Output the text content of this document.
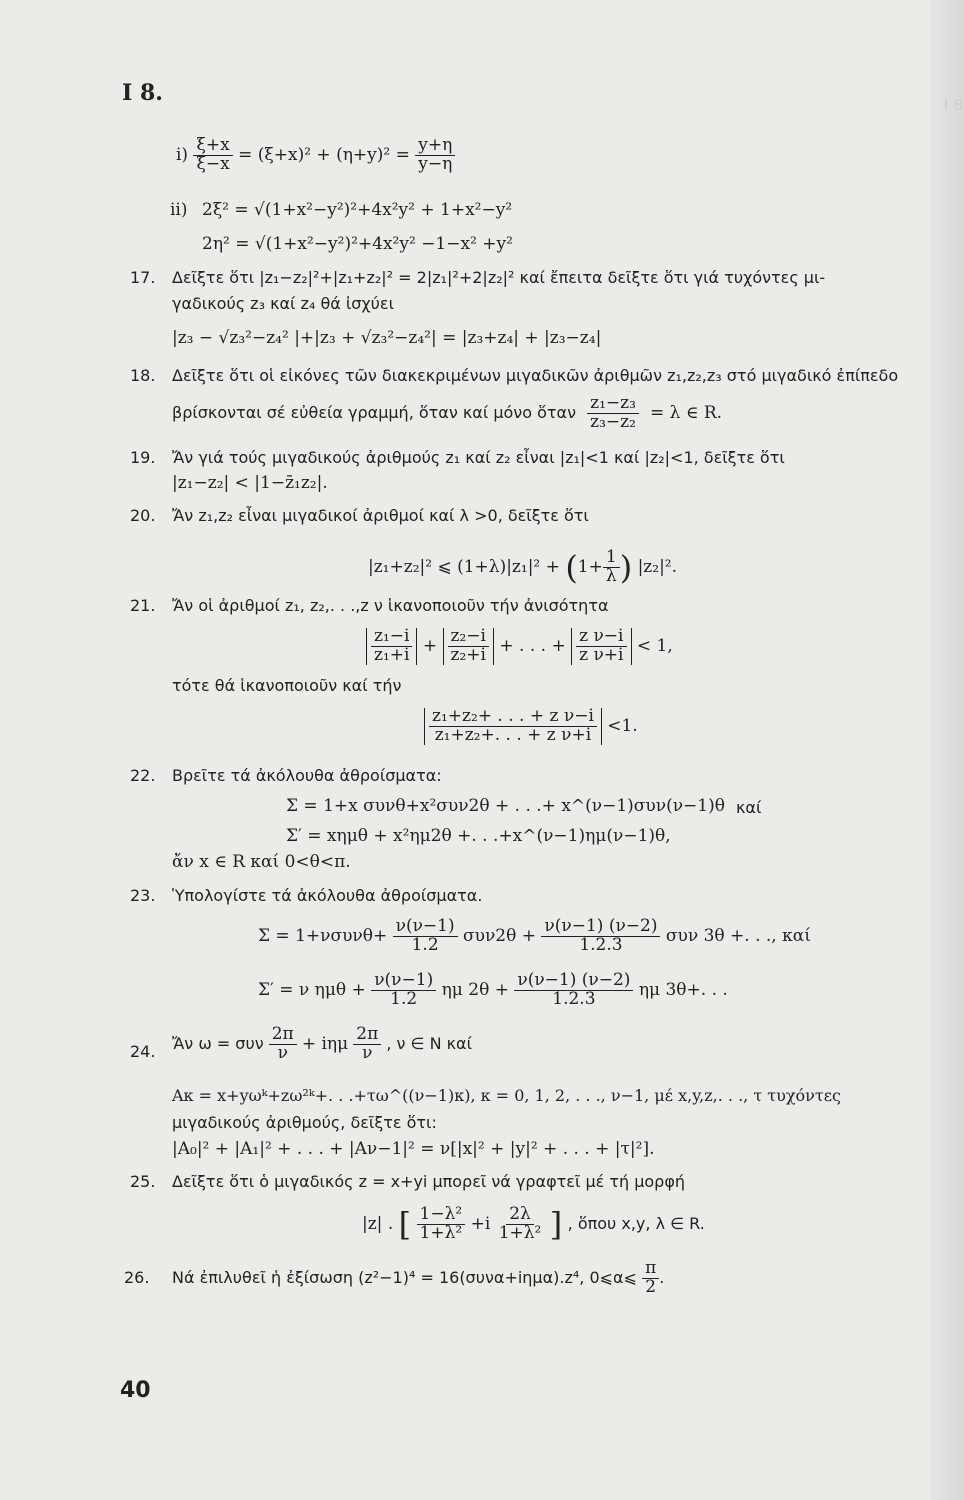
Ι 8
Ι 8.
$i) \frac{\xi+x}{\xi-x} = (\xi+x)^2 + (\eta+y)^2 = \frac{y+\eta}{y-\eta}$
ii) 2ξ² = √(1+x²−y²)²+4x²y² + 1+x²−y²
2η² = √(1+x²−y²)²+4x²y² −1−x² +y²
17. Δεῖξτε ὅτι |z₁−z₂|²+|z₁+z₂|² = 2|z₁|²+2|z₂|² καί ἔπειτα δεῖξτε ὅτι γιά τυχόντες μι-
γαδικούς z₃ καί z₄ θά ἰσχύει
|z₃ − √z₃²−z₄² |+|z₃ + √z₃²−z₄²| = |z₃+z₄| + |z₃−z₄|
18. Δεῖξτε ὅτι οἱ εἰκόνες τῶν διακεκριμένων μιγαδικῶν ἀριθμῶν z₁,z₂,z₃ στό μιγαδικό ἐπίπεδο
βρίσκονται σέ εὐθεία γραμμή, ὅταν καί μόνο ὅταν $\frac{\text{z₁−z₃}}{\text{z₃−z₂}} = \lambda$ ∈ R.
19. Ἄν γιά τούς μιγαδικούς ἀριθμούς z₁ καί z₂ εἶναι |z₁|<1 καί |z₂|<1, δεῖξτε ὅτι
|z₁−z₂| < |1−z̄₁z₂|.
20. Ἄν z₁,z₂ εἶναι μιγαδικοί ἀριθμοί καί λ >0, δεῖξτε ὅτι
|z₁+z₂|² ⩽ $(1+\lambda)|z_1|^2 + (1+ \frac{1}{\lambda}$ ) |z₂|².
21. Ἄν οἱ ἀριθμοί z₁, z₂,. . .,z ν ἱκανοποιοῦν τήν ἀνισότητα
$\frac{\text{z₁−i}}{\text{z₁+i}} + \frac{\text{z₂−i}}{\text{z₂+i}}$ + . . . + $\frac{\text{z ν−i}}{\text{z ν+i}} < 1$,
τότε θά ἱκανοποιοῦν καί τήν
$\frac{\text{z₁+z₂+ . . . + z ν−i}}{\text{z₁+z₂+. . . + z ν+i}} <1$.
22. Βρεῖτε τά ἀκόλουθα ἀθροίσματα:
Σ = 1+x συνθ+x²συν2θ + . . .+ x^(ν−1)συν(ν−1)θ καί
Σ′ = xημθ + x²ημ2θ +. . .+x^(ν−1)ημ(ν−1)θ,
ἄν x ∈ R καί 0<θ<π.
23. Ὑπολογίστε τά ἀκόλουθα ἀθροίσματα.
$\Sigma = 1+\nu\sigma\upsilon\nu\theta+ \frac{\nu(\nu-1)}{1.2} \sigma\upsilon\nu 2\theta + \frac{\nu(\nu-1) (\nu-2)}{1.2.3}$ συν 3θ +. . ., καί
Σ′ = ν $\eta\mu\theta + \frac{\nu(\nu-1)}{1.2}$ ημ $2\theta + \frac{\nu(\nu-1) (\nu-2)}{1.2.3}$ ημ 3θ+. . .
24. Ἄν ω = συν $\frac{2\pi}{\nu} + i\eta\mu \frac{2\pi}{\nu}$ , ν ∈ N καί
Aκ = x+yωᵏ+zω²ᵏ+. . .+τω^((ν−1)κ), κ = 0, 1, 2, . . ., ν−1, μέ x,y,z,. . ., τ τυχόντες
μιγαδικούς ἀριθμούς, δεῖξτε ὅτι:
|A₀|² + |A₁|² + . . . + |Aν−1|² = ν[|x|² + |y|² + . . . + |τ|²].
25. Δεῖξτε ὅτι ὁ μιγαδικός z = x+yi μπορεῖ νά γραφτεῖ μέ τή μορφή
|z| . [ $\frac{\text{1−λ²}}{\text{1+λ²}} +i \frac{2\lambda}{\text{1+λ²}}$ ] , ὅπου x,y, λ ∈ R.
26. Νά ἐπιλυθεῖ ἡ ἐξίσωση (z²−1)⁴ = 16(συνα+iημα).z⁴, 0⩽α⩽ $\frac{\pi}{2}$ .
40
